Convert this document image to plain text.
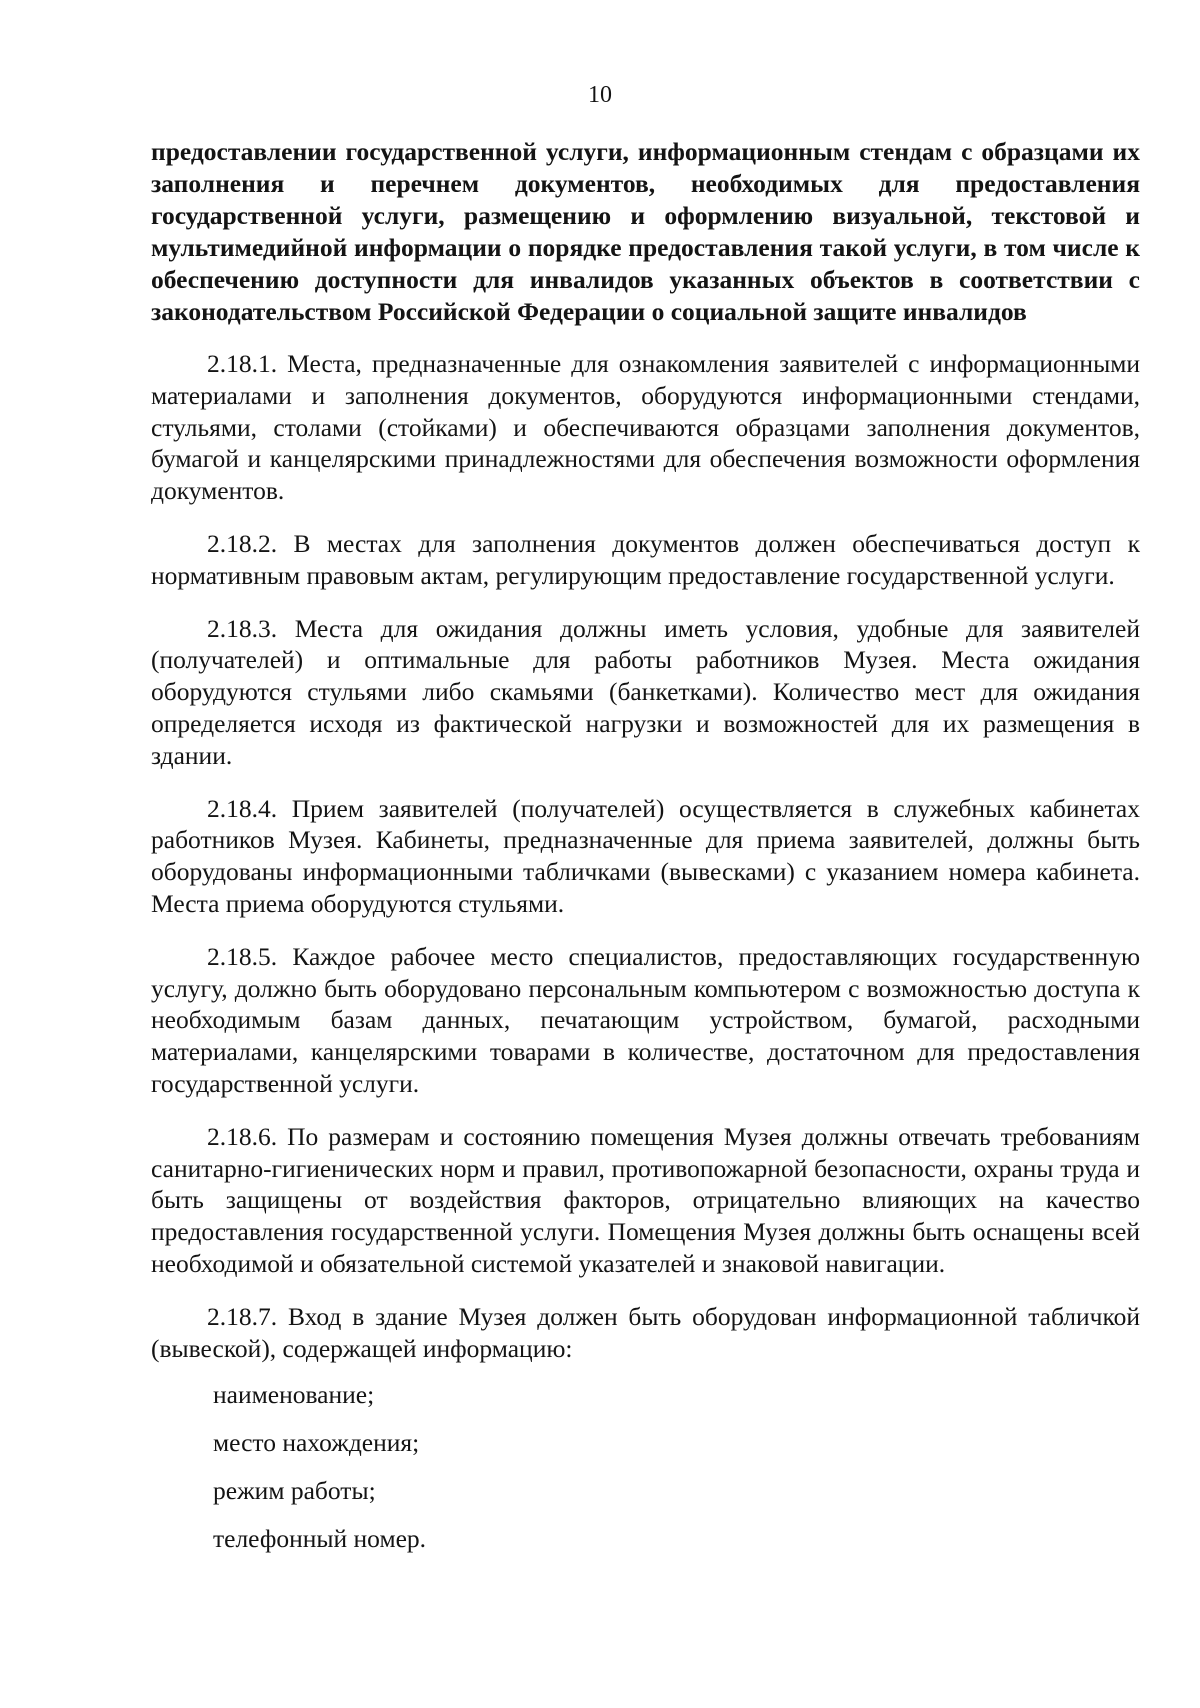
10

предоставлении государственной услуги, информационным стендам с образцами их заполнения и перечнем документов, необходимых для предоставления государственной услуги, размещению и оформлению визуальной, текстовой и мультимедийной информации о порядке предоставления такой услуги, в том числе к обеспечению доступности для инвалидов указанных объектов в соответствии с законодательством Российской Федерации о социальной защите инвалидов

2.18.1. Места, предназначенные для ознакомления заявителей с информационными материалами и заполнения документов, оборудуются информационными стендами, стульями, столами (стойками) и обеспечиваются образцами заполнения документов, бумагой и канцелярскими принадлежностями для обеспечения возможности оформления документов.

2.18.2. В местах для заполнения документов должен обеспечиваться доступ к нормативным правовым актам, регулирующим предоставление государственной услуги.

2.18.3. Места для ожидания должны иметь условия, удобные для заявителей (получателей) и оптимальные для работы работников Музея. Места ожидания оборудуются стульями либо скамьями (банкетками). Количество мест для ожидания определяется исходя из фактической нагрузки и возможностей для их размещения в здании.

2.18.4. Прием заявителей (получателей) осуществляется в служебных кабинетах работников Музея. Кабинеты, предназначенные для приема заявителей, должны быть оборудованы информационными табличками (вывесками) с указанием номера кабинета. Места приема оборудуются стульями.

2.18.5. Каждое рабочее место специалистов, предоставляющих государственную услугу, должно быть оборудовано персональным компьютером с возможностью доступа к необходимым базам данных, печатающим устройством, бумагой, расходными материалами, канцелярскими товарами в количестве, достаточном для предоставления государственной услуги.

2.18.6. По размерам и состоянию помещения Музея должны отвечать требованиям санитарно-гигиенических норм и правил, противопожарной безопасности, охраны труда и быть защищены от воздействия факторов, отрицательно влияющих на качество предоставления государственной услуги. Помещения Музея должны быть оснащены всей необходимой и обязательной системой указателей и знаковой навигации.

2.18.7. Вход в здание Музея должен быть оборудован информационной табличкой (вывеской), содержащей информацию:

наименование;
место нахождения;
режим работы;
телефонный номер.
